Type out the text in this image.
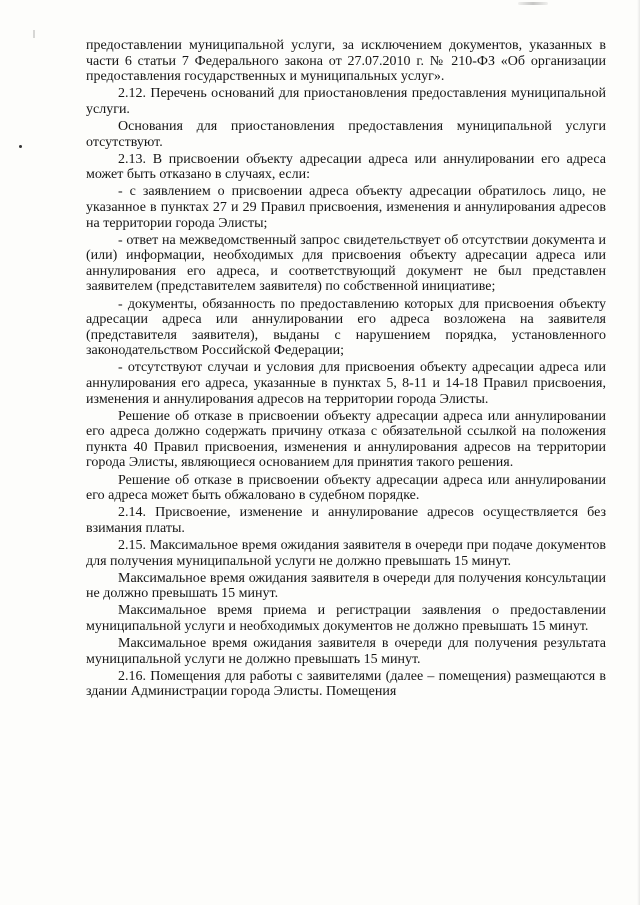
предоставлении муниципальной услуги, за исключением документов, указанных в части 6 статьи 7 Федерального закона от 27.07.2010 г. № 210-ФЗ «Об организации предоставления государственных и муниципальных услуг».

2.12. Перечень оснований для приостановления предоставления муниципальной услуги.

Основания для приостановления предоставления муниципальной услуги отсутствуют.

2.13. В присвоении объекту адресации адреса или аннулировании его адреса может быть отказано в случаях, если:

- с заявлением о присвоении адреса объекту адресации обратилось лицо, не указанное в пунктах 27 и 29 Правил присвоения, изменения и аннулирования адресов на территории города Элисты;

- ответ на межведомственный запрос свидетельствует об отсутствии документа и (или) информации, необходимых для присвоения объекту адресации адреса или аннулирования его адреса, и соответствующий документ не был представлен заявителем (представителем заявителя) по собственной инициативе;

- документы, обязанность по предоставлению которых для присвоения объекту адресации адреса или аннулировании его адреса возложена на заявителя (представителя заявителя), выданы с нарушением порядка, установленного законодательством Российской Федерации;

- отсутствуют случаи и условия для присвоения объекту адресации адреса или аннулирования его адреса, указанные в пунктах 5, 8-11 и 14-18 Правил присвоения, изменения и аннулирования адресов на территории города Элисты.

Решение об отказе в присвоении объекту адресации адреса или аннулировании его адреса должно содержать причину отказа с обязательной ссылкой на положения пункта 40 Правил присвоения, изменения и аннулирования адресов на территории города Элисты, являющиеся основанием для принятия такого решения.

Решение об отказе в присвоении объекту адресации адреса или аннулировании его адреса может быть обжаловано в судебном порядке.

2.14. Присвоение, изменение и аннулирование адресов осуществляется без взимания платы.

2.15. Максимальное время ожидания заявителя в очереди при подаче документов для получения муниципальной услуги не должно превышать 15 минут.

Максимальное время ожидания заявителя в очереди для получения консультации не должно превышать 15 минут.

Максимальное время приема и регистрации заявления о предоставлении муниципальной услуги и необходимых документов не должно превышать 15 минут.

Максимальное время ожидания заявителя в очереди для получения результата муниципальной услуги не должно превышать 15 минут.

2.16. Помещения для работы с заявителями (далее – помещения) размещаются в здании Администрации города Элисты. Помещения
